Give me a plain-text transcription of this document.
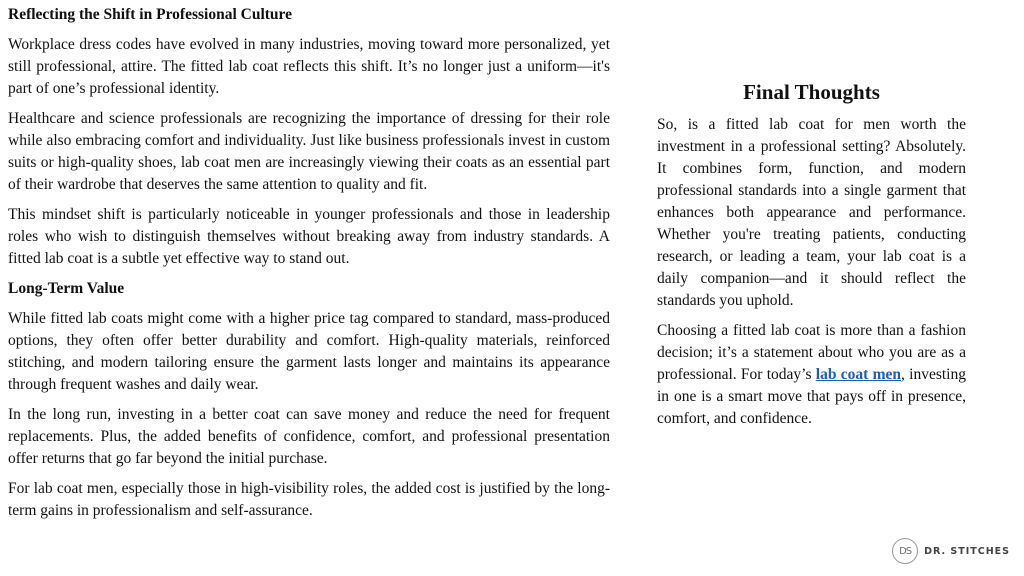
Reflecting the Shift in Professional Culture

Workplace dress codes have evolved in many industries, moving toward more personalized, yet still professional, attire. The fitted lab coat reflects this shift. It’s no longer just a uniform—it's part of one’s professional identity.

Healthcare and science professionals are recognizing the importance of dressing for their role while also embracing comfort and individuality. Just like business professionals invest in custom suits or high-quality shoes, lab coat men are increasingly viewing their coats as an essential part of their wardrobe that deserves the same attention to quality and fit.

This mindset shift is particularly noticeable in younger professionals and those in leadership roles who wish to distinguish themselves without breaking away from industry standards. A fitted lab coat is a subtle yet effective way to stand out.

Long-Term Value

While fitted lab coats might come with a higher price tag compared to standard, mass-produced options, they often offer better durability and comfort. High-quality materials, reinforced stitching, and modern tailoring ensure the garment lasts longer and maintains its appearance through frequent washes and daily wear.

In the long run, investing in a better coat can save money and reduce the need for frequent replacements. Plus, the added benefits of confidence, comfort, and professional presentation offer returns that go far beyond the initial purchase.

For lab coat men, especially those in high-visibility roles, the added cost is justified by the long-term gains in professionalism and self-assurance.

Final Thoughts

So, is a fitted lab coat for men worth the investment in a professional setting? Absolutely. It combines form, function, and modern professional standards into a single garment that enhances both appearance and performance. Whether you're treating patients, conducting research, or leading a team, your lab coat is a daily companion—and it should reflect the standards you uphold.

Choosing a fitted lab coat is more than a fashion decision; it’s a statement about who you are as a professional. For today’s lab coat men, investing in one is a smart move that pays off in presence, comfort, and confidence.

DS	DR. STITCHES
